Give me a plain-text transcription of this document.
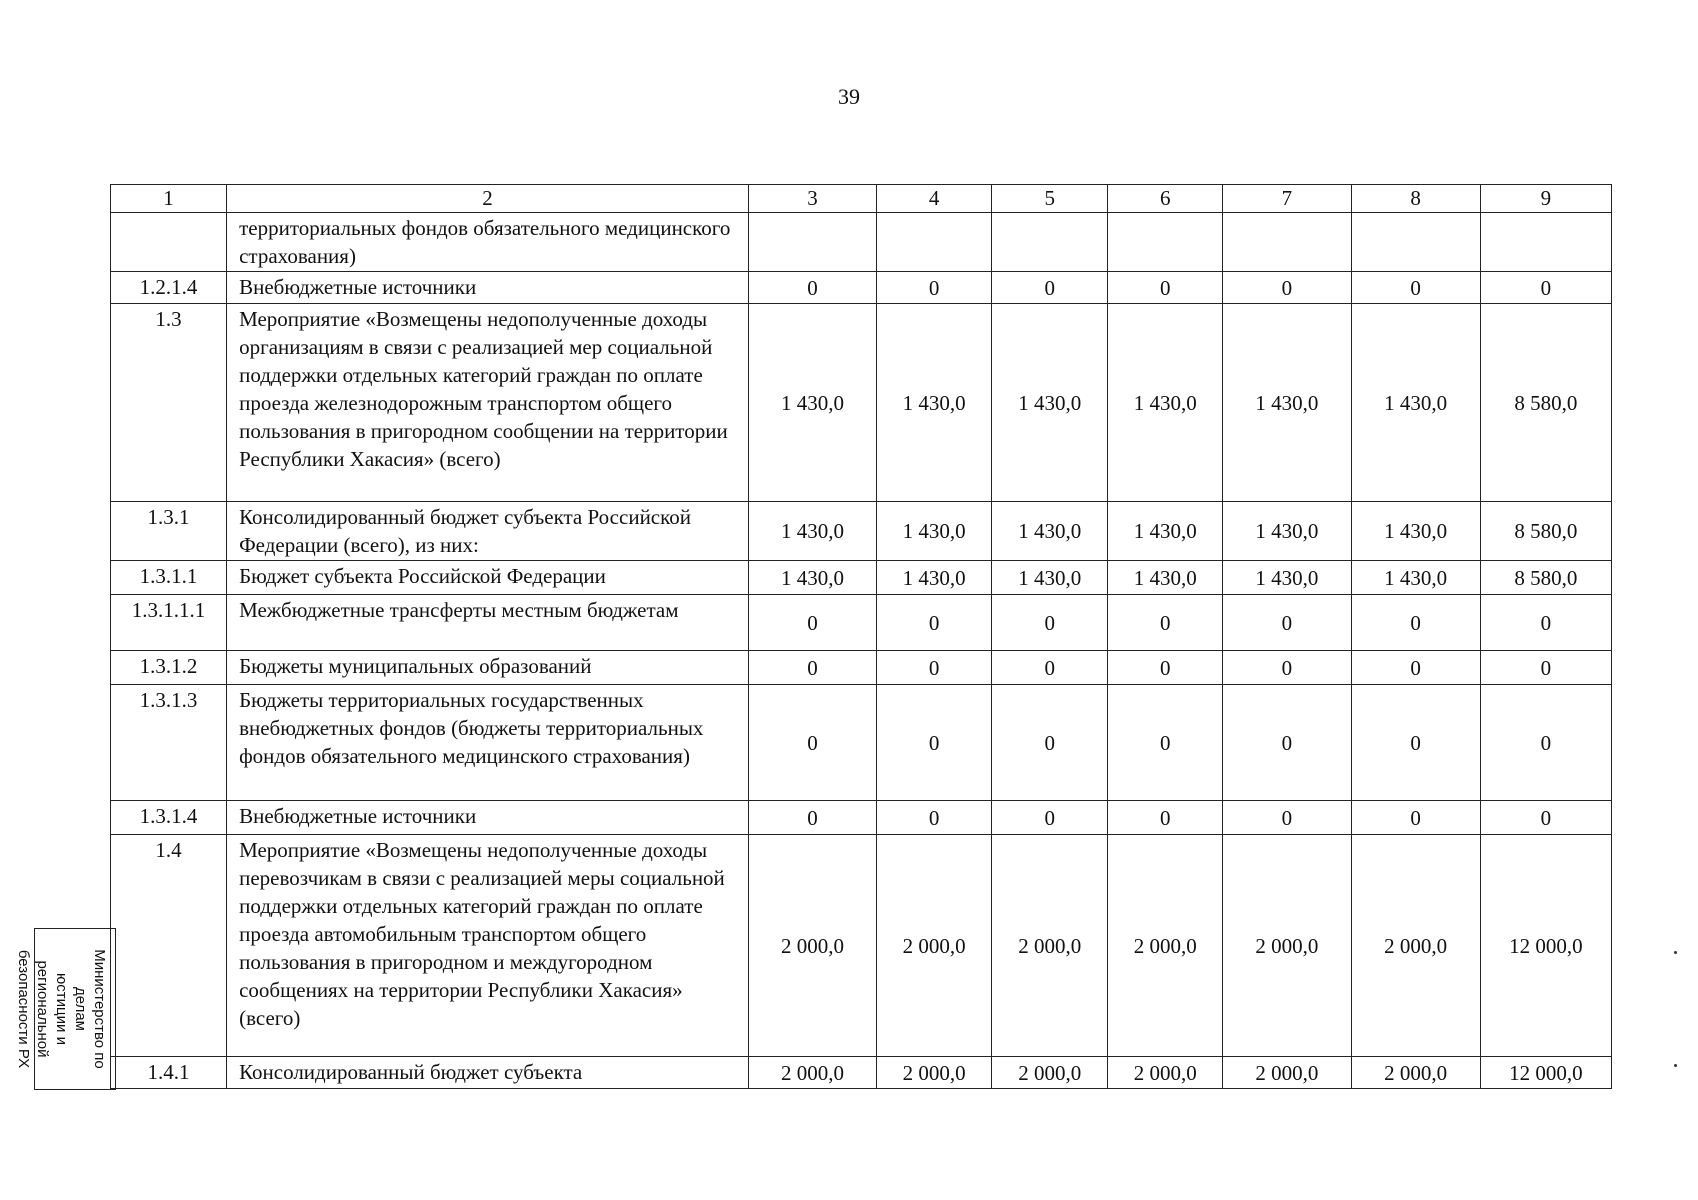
39
1	2	3	4	5	6	7	8	9
	территориальных фондов обязательного медицинского страхования)							
1.2.1.4	Внебюджетные источники	0	0	0	0	0	0	0
1.3	Мероприятие «Возмещены недополученные доходы организациям в связи с реализацией мер социальной поддержки отдельных категорий граждан по оплате проезда железнодорожным транспортом общего пользования в пригородном сообщении на территории Республики Хакасия» (всего)	1 430,0	1 430,0	1 430,0	1 430,0	1 430,0	1 430,0	8 580,0
1.3.1	Консолидированный бюджет субъекта Российской Федерации (всего), из них:	1 430,0	1 430,0	1 430,0	1 430,0	1 430,0	1 430,0	8 580,0
1.3.1.1	Бюджет субъекта Российской Федерации	1 430,0	1 430,0	1 430,0	1 430,0	1 430,0	1 430,0	8 580,0
1.3.1.1.1	Межбюджетные трансферты местным бюджетам	0	0	0	0	0	0	0
1.3.1.2	Бюджеты муниципальных образований	0	0	0	0	0	0	0
1.3.1.3	Бюджеты территориальных государственных внебюджетных фондов (бюджеты территориальных фондов обязательного медицинского страхования)	0	0	0	0	0	0	0
1.3.1.4	Внебюджетные источники	0	0	0	0	0	0	0
1.4	Мероприятие «Возмещены недополученные доходы перевозчикам в связи с реализацией меры социальной поддержки отдельных категорий граждан по оплате проезда автомобильным транспортом общего пользования в пригородном и междугородном сообщениях на территории Республики Хакасия» (всего)	2 000,0	2 000,0	2 000,0	2 000,0	2 000,0	2 000,0	12 000,0
1.4.1	Консолидированный бюджет субъекта	2 000,0	2 000,0	2 000,0	2 000,0	2 000,0	2 000,0	12 000,0
Министерство по делам
юстиции и региональной
безопасности РХ
